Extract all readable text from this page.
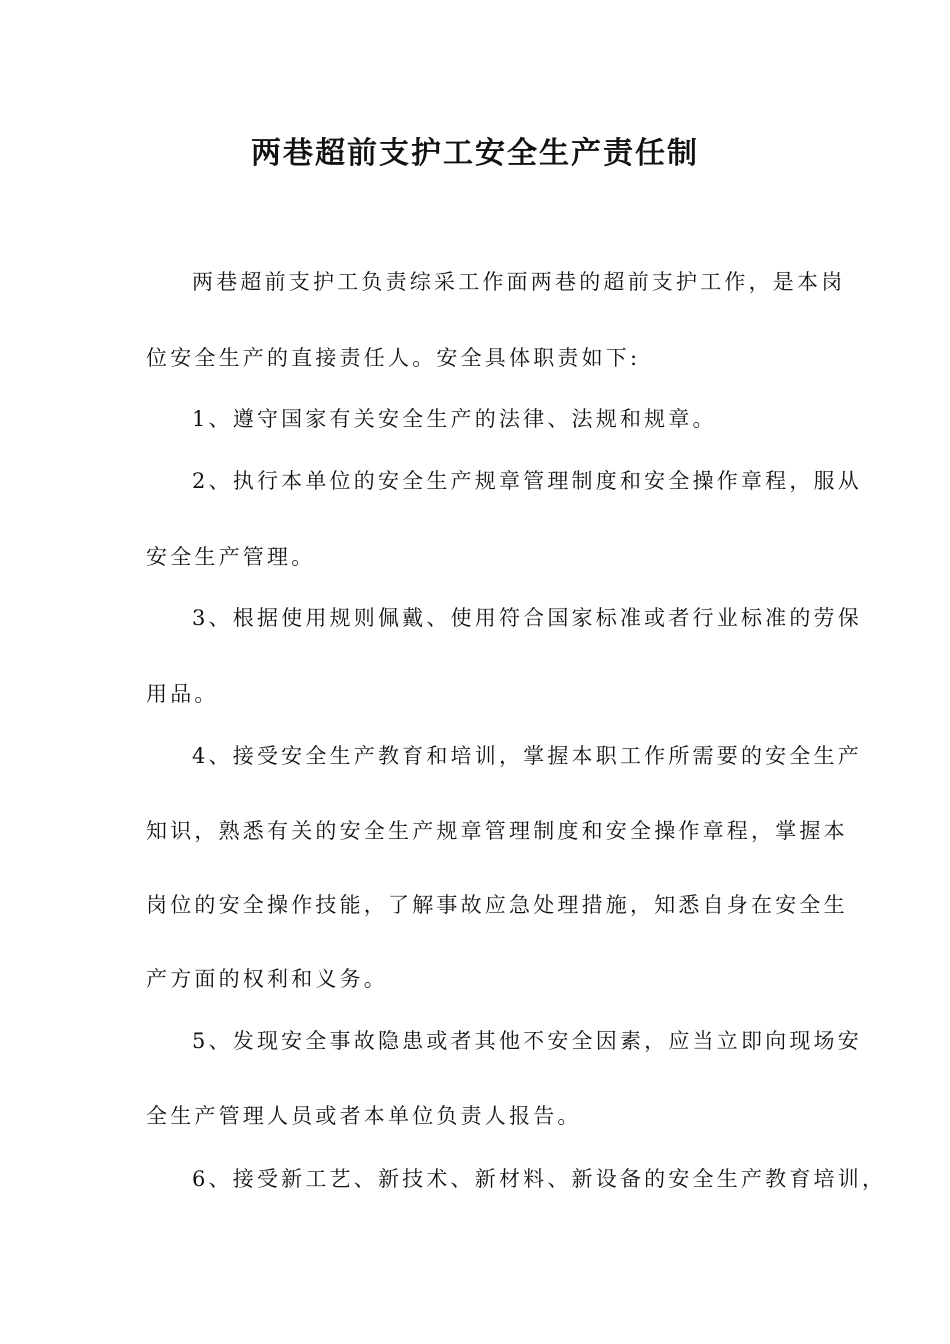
两巷超前支护工安全生产责任制
两巷超前支护工负责综采工作面两巷的超前支护工作，是本岗
位安全生产的直接责任人。安全具体职责如下:
1、遵守国家有关安全生产的法律、法规和规章。
2、执行本单位的安全生产规章管理制度和安全操作章程，服从
安全生产管理。
3、根据使用规则佩戴、使用符合国家标准或者行业标准的劳保
用品。
4、接受安全生产教育和培训，掌握本职工作所需要的安全生产
知识，熟悉有关的安全生产规章管理制度和安全操作章程，掌握本
岗位的安全操作技能，了解事故应急处理措施，知悉自身在安全生
产方面的权利和义务。
5、发现安全事故隐患或者其他不安全因素，应当立即向现场安
全生产管理人员或者本单位负责人报告。
6、接受新工艺、新技术、新材料、新设备的安全生产教育培训，
